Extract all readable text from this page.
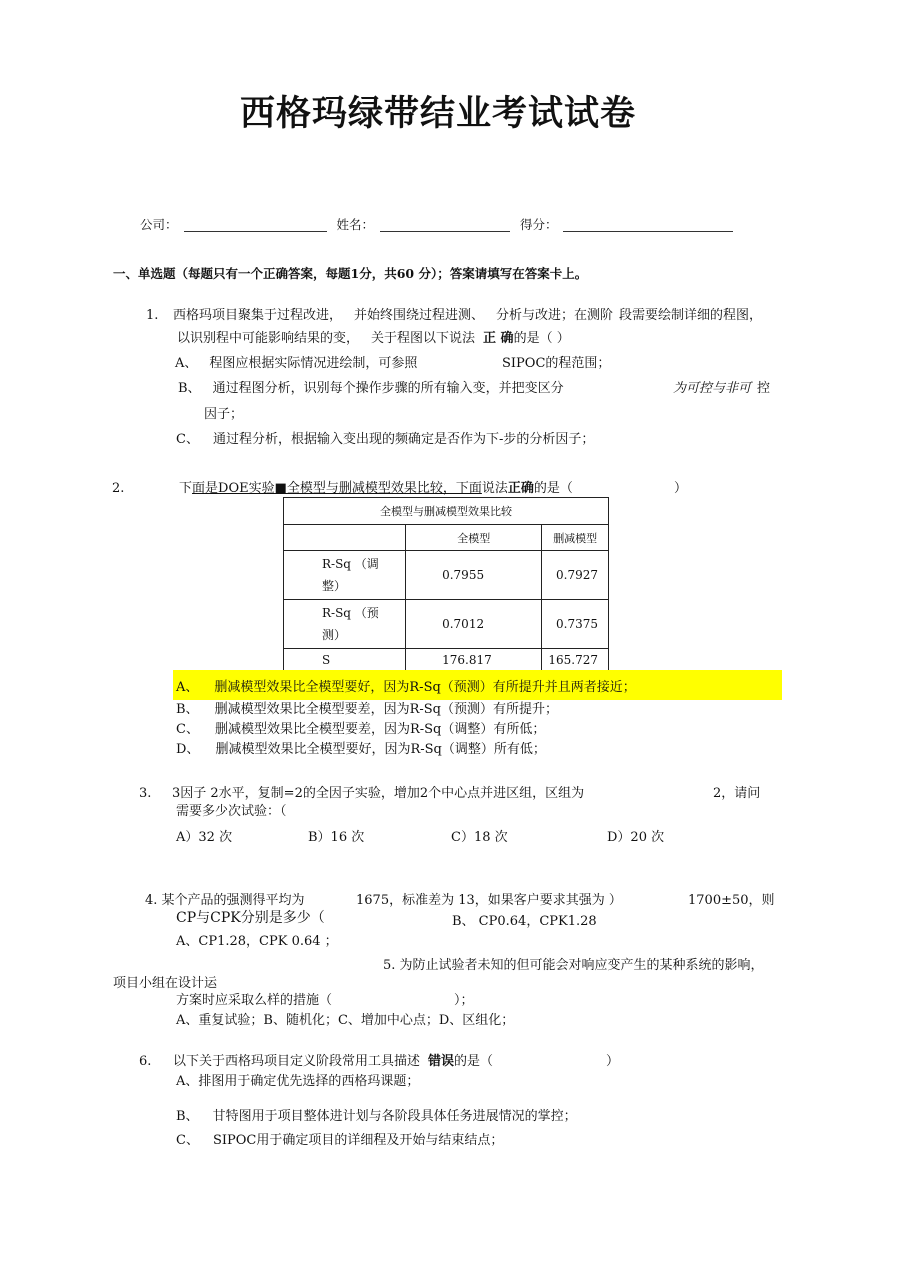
西格玛绿带结业考试试卷
公司：	姓名：	得分：
一、单选题（每题只有一个正确答案，每题1分，共60 分）；答案请填写在答案卡上。
1. 西格玛项目聚集于过程改进， 并始终围绕过程进测、 分析与改进；在测阶 段需要绘制详细的程图，
以识别程中可能影响结果的变， 关于程图以下说法 正 确的是（ ）
A、 程图应根据实际情况进绘制，可参照	SIPOC的程范围；
B、 通过程图分析，识别每个操作步骤的所有输入变，并把变区分	为可控与非可 控
因子；
C、 通过程分析，根据输入变出现的频确定是否作为下-步的分析因子；
2.	下面是DOE实验■全模型与删减模型效果比较，下面说法正确的是（	）
全模型与删减模型效果比较		
	全模型	删减模型
R-Sq （调
整）	0.7955	0.7927
R-Sq （预
测）	0.7012	0.7375
S	176.817	165.727
A、 删减模型效果比全模型要好，因为R-Sq（预测）有所提升并且两者接近；
B、 删减模型效果比全模型要差，因为R-Sq（预测）有所提升；
C、 删减模型效果比全模型要差，因为R-Sq（调整）有所低；
D、 删减模型效果比全模型要好，因为R-Sq（调整）所有低；
3. 3因子 2水平，复制=2的全因子实验，增加2个中心点并进区组，区组为	2，请问
需要多少次试验：（
A）32 次	B）16 次	C）18 次	D）20 次
4. 某个产品的强测得平均为	1675，标准差为 13，如果客户要求其强为 ）	1700±50，则
CP与CPK分别是多少（	B、 CP0.64，CPK1.28
A、CP1.28，CPK 0.64 ；
5. 为防止试验者未知的但可能会对响应变产生的某种系统的影响，
项目小组在设计运
方案时应采取么样的措施（	）；
A、重复试验；B、随机化；C、增加中心点；D、区组化；
6. 以下关于西格玛项目定义阶段常用工具描述 错误的是（	）
A、排图用于确定优先选择的西格玛课题；
B、 甘特图用于项目整体进计划与各阶段具体任务进展情况的掌控；
C、 SIPOC用于确定项目的详细程及开始与结束结点；
